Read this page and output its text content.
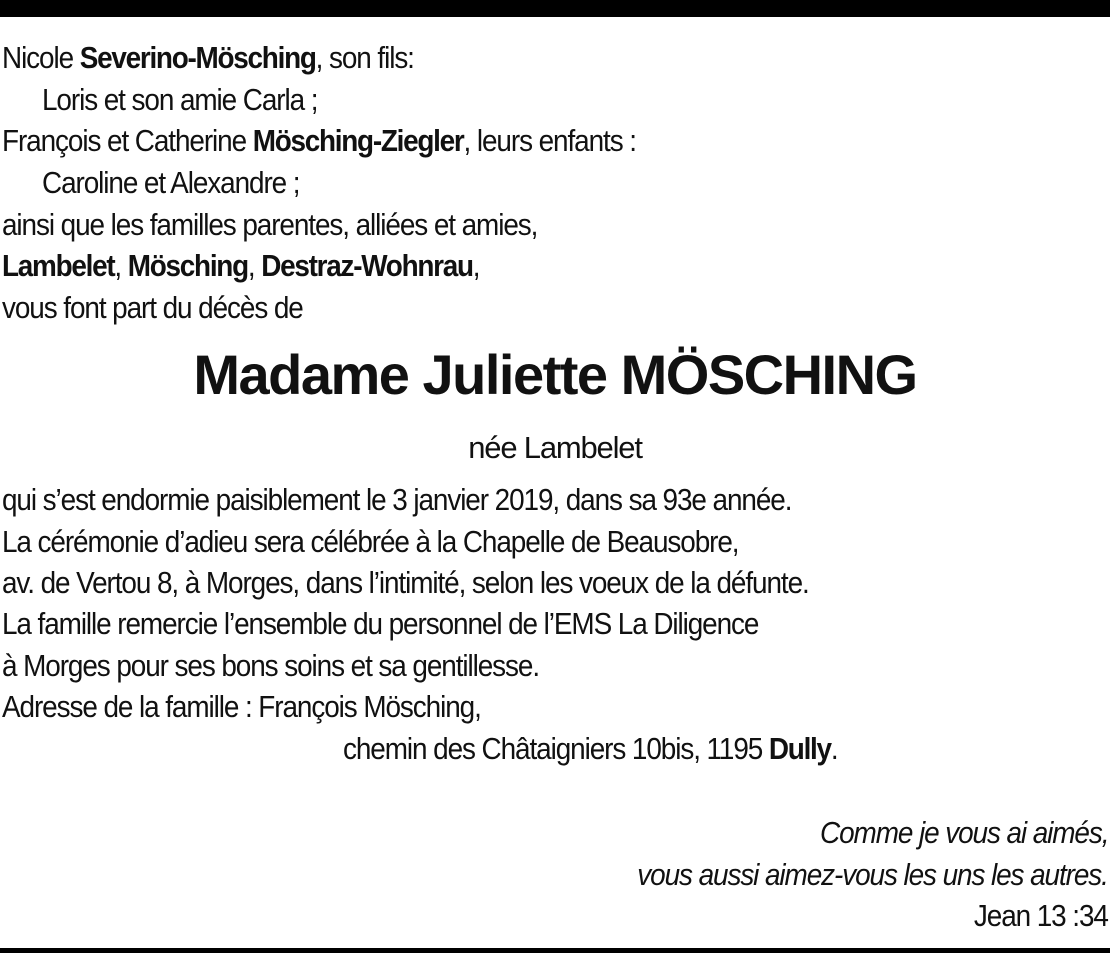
Nicole Severino-Mösching, son fils:
Loris et son amie Carla ;
François et Catherine Mösching-Ziegler, leurs enfants :
Caroline et Alexandre ;
ainsi que les familles parentes, alliées et amies,
Lambelet, Mösching, Destraz-Wohnrau,
vous font part du décès de
Madame Juliette MÖSCHING
née Lambelet
qui s’est endormie paisiblement le 3 janvier 2019, dans sa 93e année.
La cérémonie d’adieu sera célébrée à la Chapelle de Beausobre,
av. de Vertou 8, à Morges, dans l’intimité, selon les voeux de la défunte.
La famille remercie l’ensemble du personnel de l’EMS La Diligence
à Morges pour ses bons soins et sa gentillesse.
Adresse de la famille : François Mösching,
chemin des Châtaigniers 10bis, 1195 Dully.
Comme je vous ai aimés,
vous aussi aimez-vous les uns les autres.
Jean 13 :34
